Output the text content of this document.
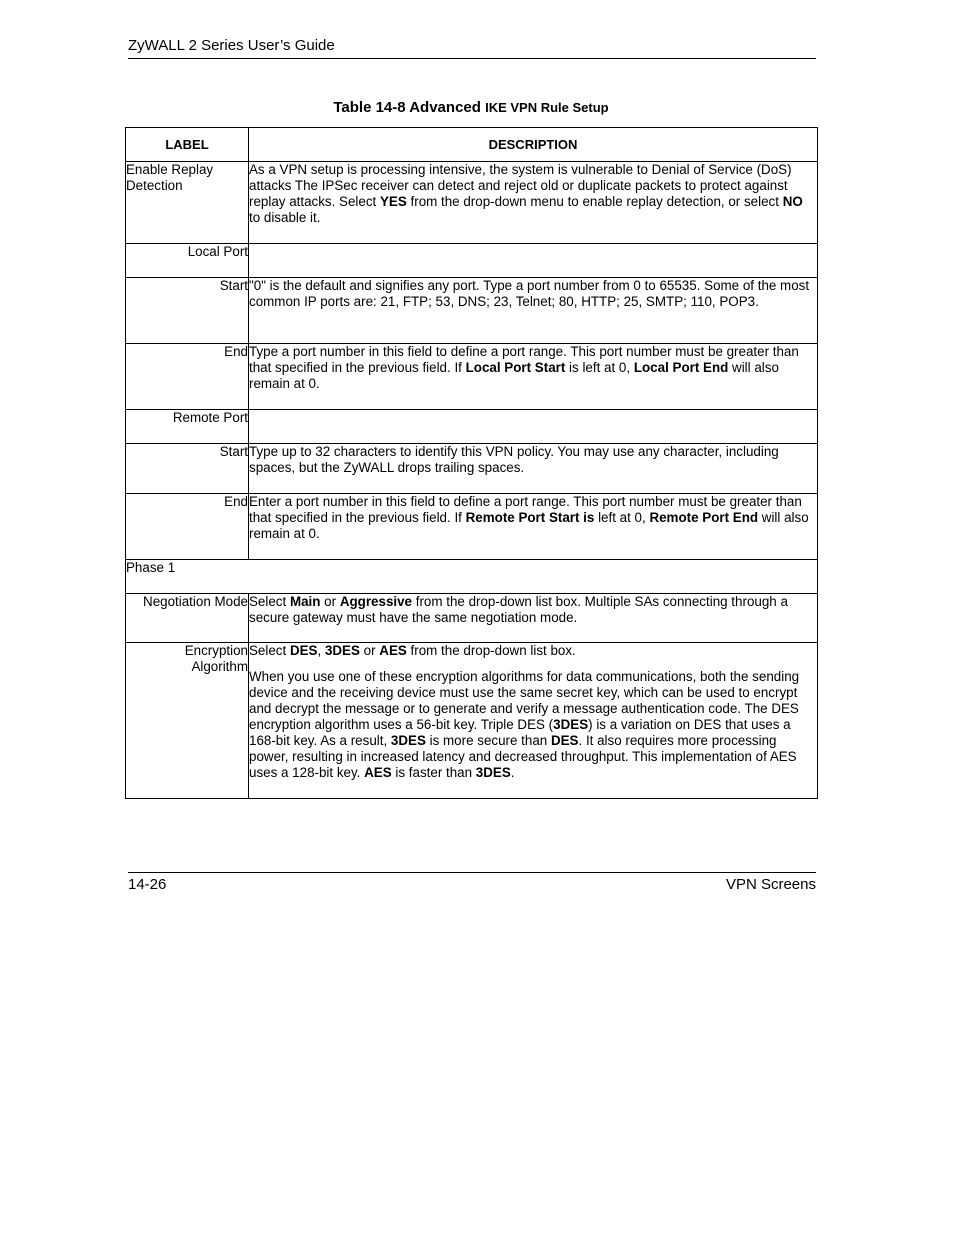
ZyWALL 2 Series User’s Guide
Table 14-8 Advanced IKE VPN Rule Setup
LABEL	DESCRIPTION
Enable Replay Detection	As a VPN setup is processing intensive, the system is vulnerable to Denial of Service (DoS) attacks The IPSec receiver can detect and reject old or duplicate packets to protect against replay attacks. Select YES from the drop-down menu to enable replay detection, or select NO to disable it.
Local Port	
Start	"0" is the default and signifies any port. Type a port number from 0 to 65535. Some of the most common IP ports are: 21, FTP; 53, DNS; 23, Telnet; 80, HTTP; 25, SMTP; 110, POP3.
End	Type a port number in this field to define a port range. This port number must be greater than that specified in the previous field. If Local Port Start is left at 0, Local Port End will also remain at 0.
Remote Port	
Start	Type up to 32 characters to identify this VPN policy. You may use any character, including spaces, but the ZyWALL drops trailing spaces.
End	Enter a port number in this field to define a port range. This port number must be greater than that specified in the previous field. If Remote Port Start is left at 0, Remote Port End will also remain at 0.
Phase 1	
Negotiation Mode	Select Main or Aggressive from the drop-down list box. Multiple SAs connecting through a secure gateway must have the same negotiation mode.
Encryption Algorithm	Select DES, 3DES or AES from the drop-down list box.

When you use one of these encryption algorithms for data communications, both the sending device and the receiving device must use the same secret key, which can be used to encrypt and decrypt the message or to generate and verify a message authentication code. The DES encryption algorithm uses a 56-bit key. Triple DES (3DES) is a variation on DES that uses a 168-bit key. As a result, 3DES is more secure than DES. It also requires more processing power, resulting in increased latency and decreased throughput. This implementation of AES uses a 128-bit key. AES is faster than 3DES.

14-26	VPN Screens
